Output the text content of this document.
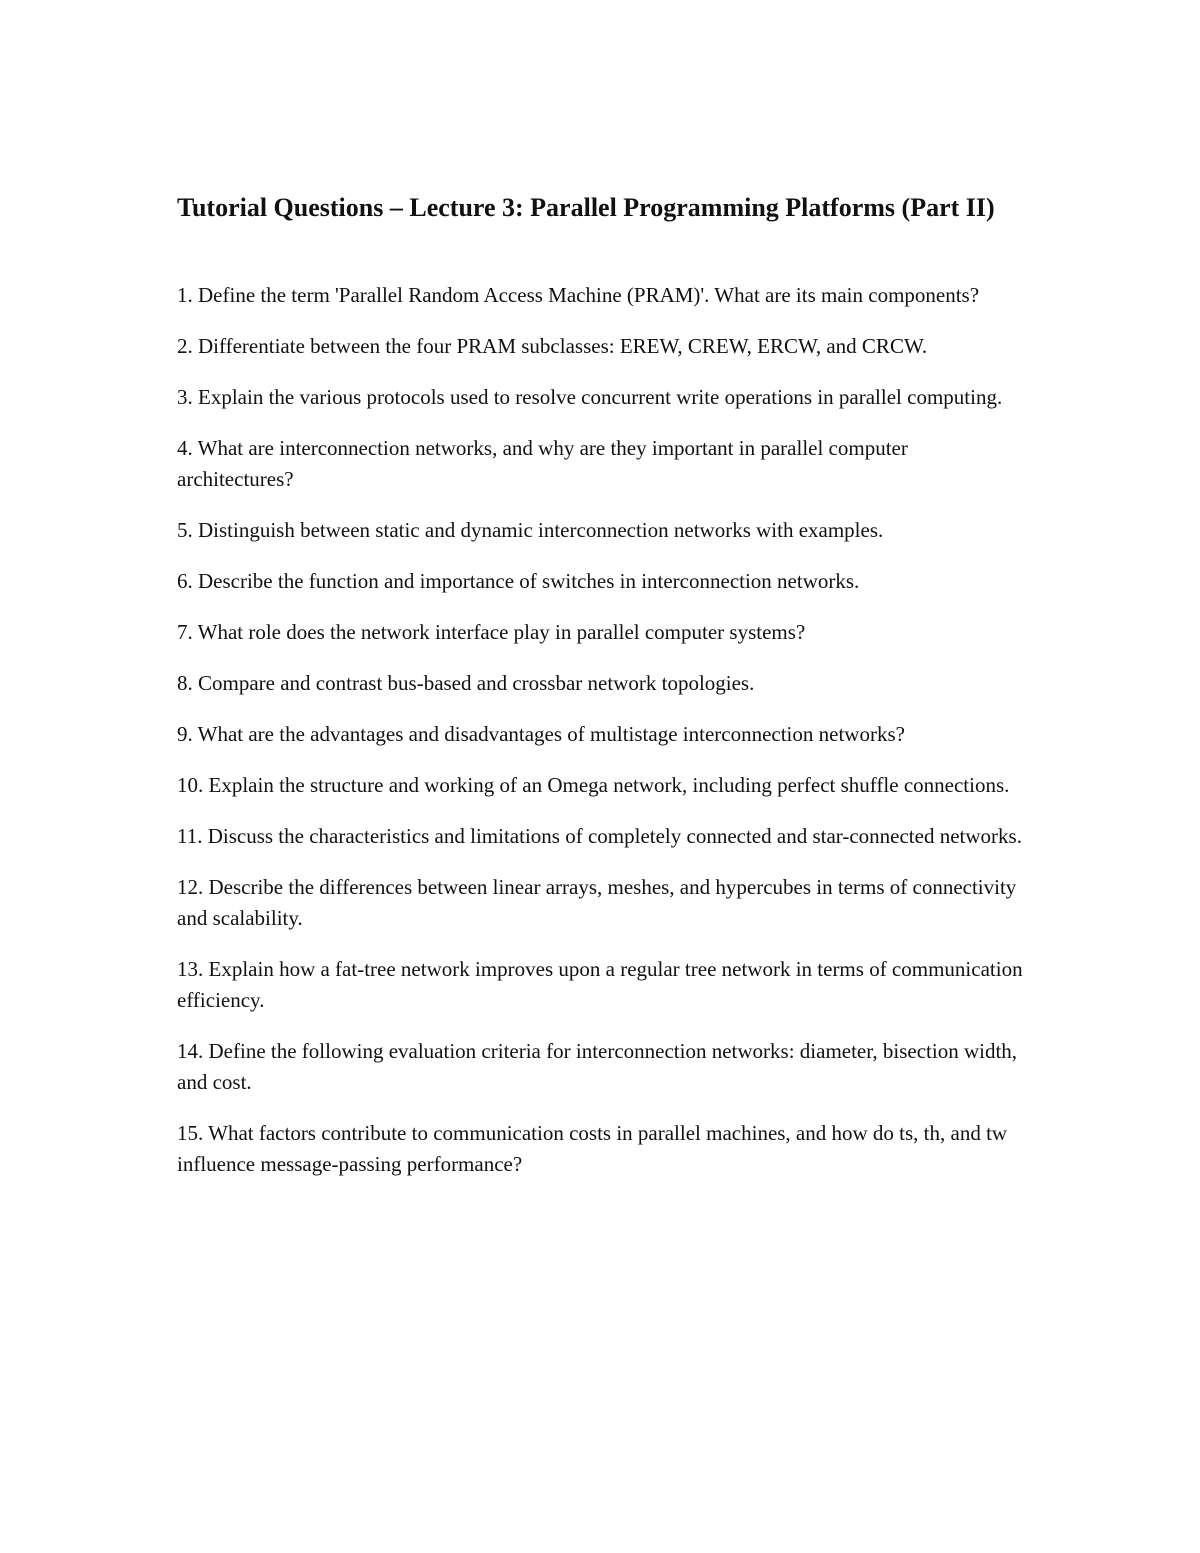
Tutorial Questions – Lecture 3: Parallel Programming Platforms (Part II)

1. Define the term 'Parallel Random Access Machine (PRAM)'. What are its main components?

2. Differentiate between the four PRAM subclasses: EREW, CREW, ERCW, and CRCW.

3. Explain the various protocols used to resolve concurrent write operations in parallel computing.

4. What are interconnection networks, and why are they important in parallel computer architectures?

5. Distinguish between static and dynamic interconnection networks with examples.

6. Describe the function and importance of switches in interconnection networks.

7. What role does the network interface play in parallel computer systems?

8. Compare and contrast bus-based and crossbar network topologies.

9. What are the advantages and disadvantages of multistage interconnection networks?

10. Explain the structure and working of an Omega network, including perfect shuffle connections.

11. Discuss the characteristics and limitations of completely connected and star-connected networks.

12. Describe the differences between linear arrays, meshes, and hypercubes in terms of connectivity and scalability.

13. Explain how a fat-tree network improves upon a regular tree network in terms of communication efficiency.

14. Define the following evaluation criteria for interconnection networks: diameter, bisection width, and cost.

15. What factors contribute to communication costs in parallel machines, and how do ts, th, and tw influence message-passing performance?
